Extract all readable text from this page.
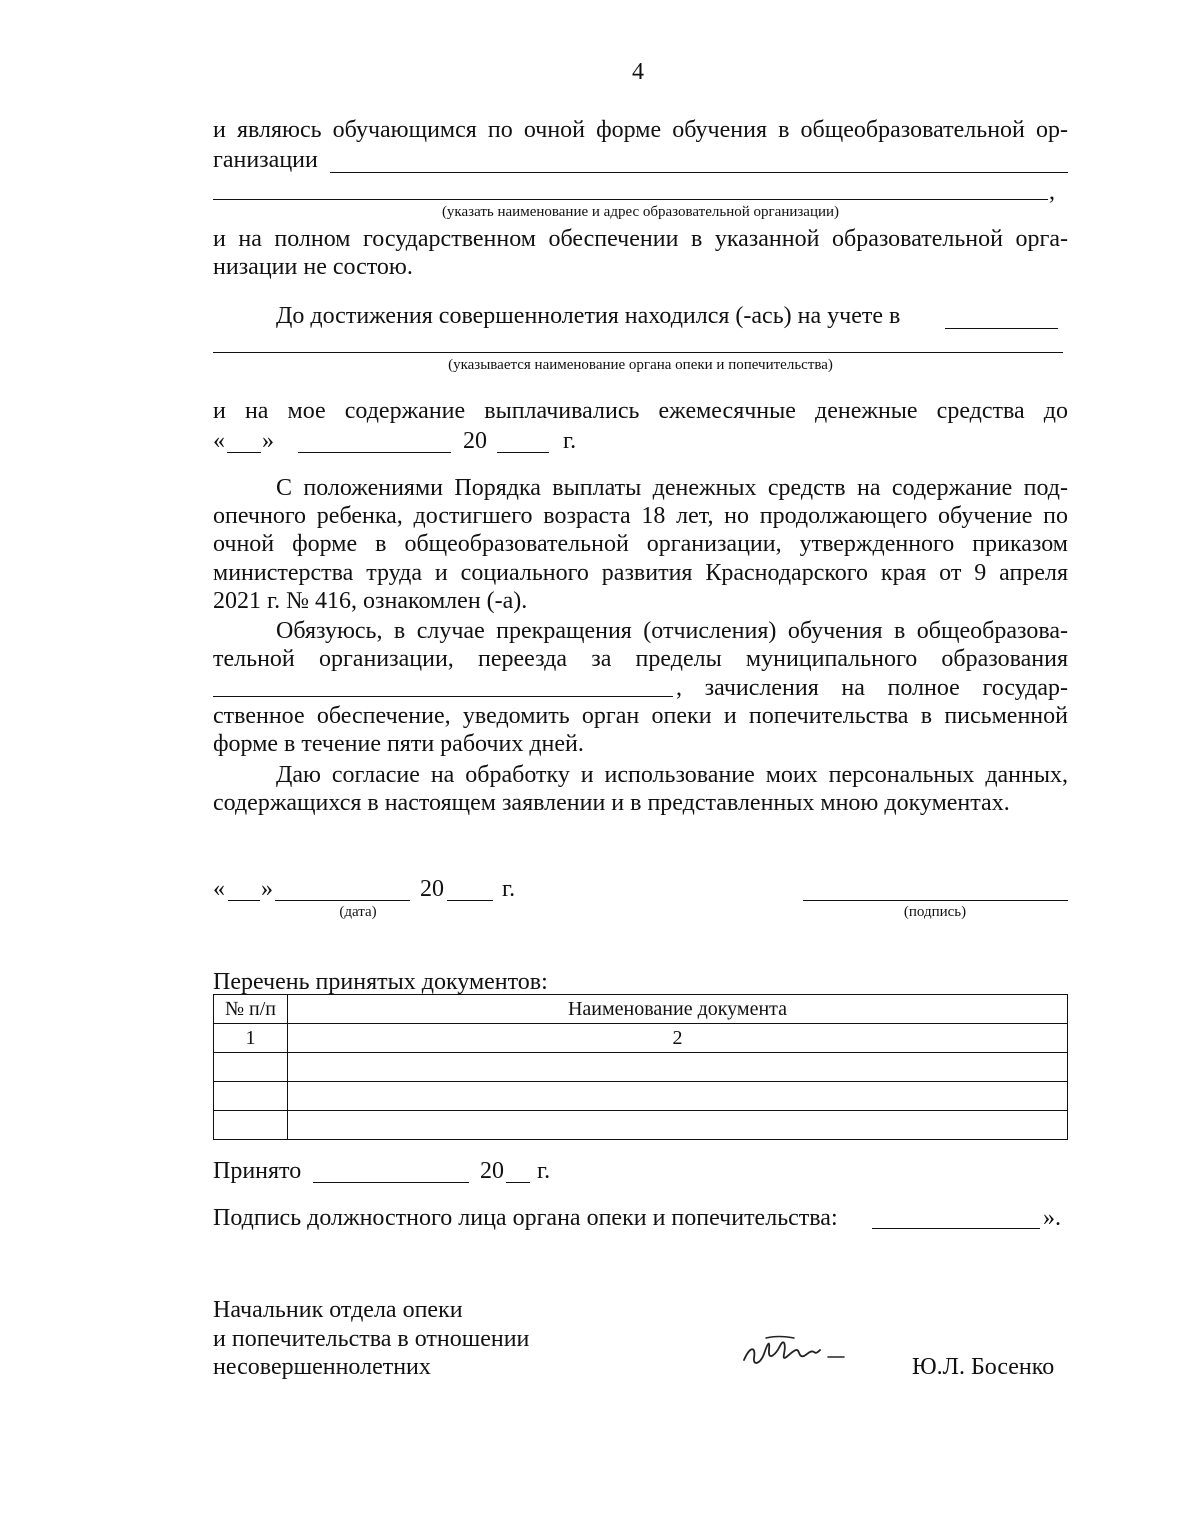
4
и являюсь обучающимся по очной форме обучения в общеобразовательной ор-
ганизации
,
(указать наименование и адрес образовательной организации)
и на полном государственном обеспечении в указанной образовательной орга-
низации не состою.
До достижения совершеннолетия находился (-ась) на учете в
(указывается наименование органа опеки и попечительства)
и на мое содержание выплачивались ежемесячные денежные средства до
« »	20	г.
С положениями Порядка выплаты денежных средств на содержание под-
опечного ребенка, достигшего возраста 18 лет, но продолжающего обучение по
очной форме в общеобразовательной организации, утвержденного приказом
министерства труда и социального развития Краснодарского края от 9 апреля
2021 г. № 416, ознакомлен (-а).
Обязуюсь, в случае прекращения (отчисления) обучения в общеобразова-
тельной организации, переезда за пределы муниципального образования
, зачисления на полное государ-
ственное обеспечение, уведомить орган опеки и попечительства в письменной
форме в течение пяти рабочих дней.
Даю согласие на обработку и использование моих персональных данных,
содержащихся в настоящем заявлении и в представленных мною документах.
« »	20 г.
(дата)	(подпись)
Перечень принятых документов:
№ п/п	Наименование документа
1	2

Принято	20 г.
Подпись должностного лица органа опеки и попечительства:	».
Начальник отдела опеки
и попечительства в отношении
несовершеннолетних	Ю.Л. Босенко
